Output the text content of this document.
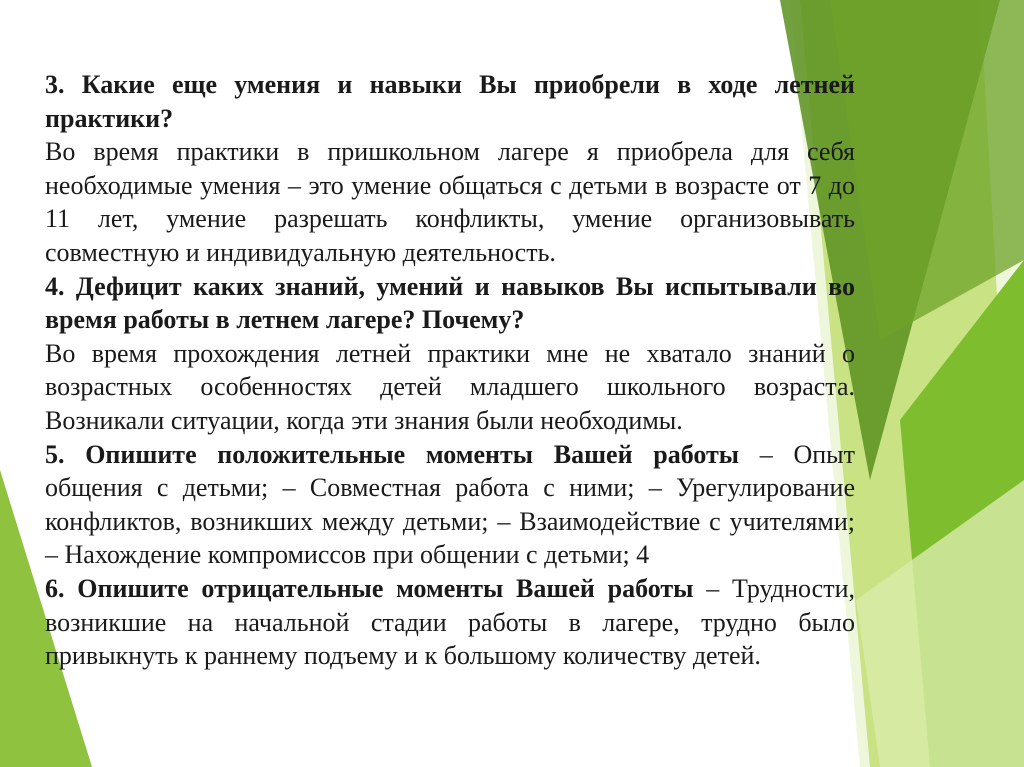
3. Какие еще умения и навыки Вы приобрели в ходе летней практики?

Во время практики в пришкольном лагере я приобрела для себя необходимые умения – это умение общаться с детьми в возрасте от 7 до 11 лет, умение разрешать конфликты, умение организовывать совместную и индивидуальную деятельность.

4. Дефицит каких знаний, умений и навыков Вы испытывали во время работы в летнем лагере? Почему?

Во время прохождения летней практики мне не хватало знаний о возрастных особенностях детей младшего школьного возраста. Возникали ситуации, когда эти знания были необходимы.

5. Опишите положительные моменты Вашей работы – Опыт общения с детьми; – Совместная работа с ними; – Урегулирование конфликтов, возникших между детьми; – Взаимодействие с учителями; – Нахождение компромиссов при общении с детьми; 4

6. Опишите отрицательные моменты Вашей работы – Трудности, возникшие на начальной стадии работы в лагере, трудно было привыкнуть к раннему подъему и к большому количеству детей.
